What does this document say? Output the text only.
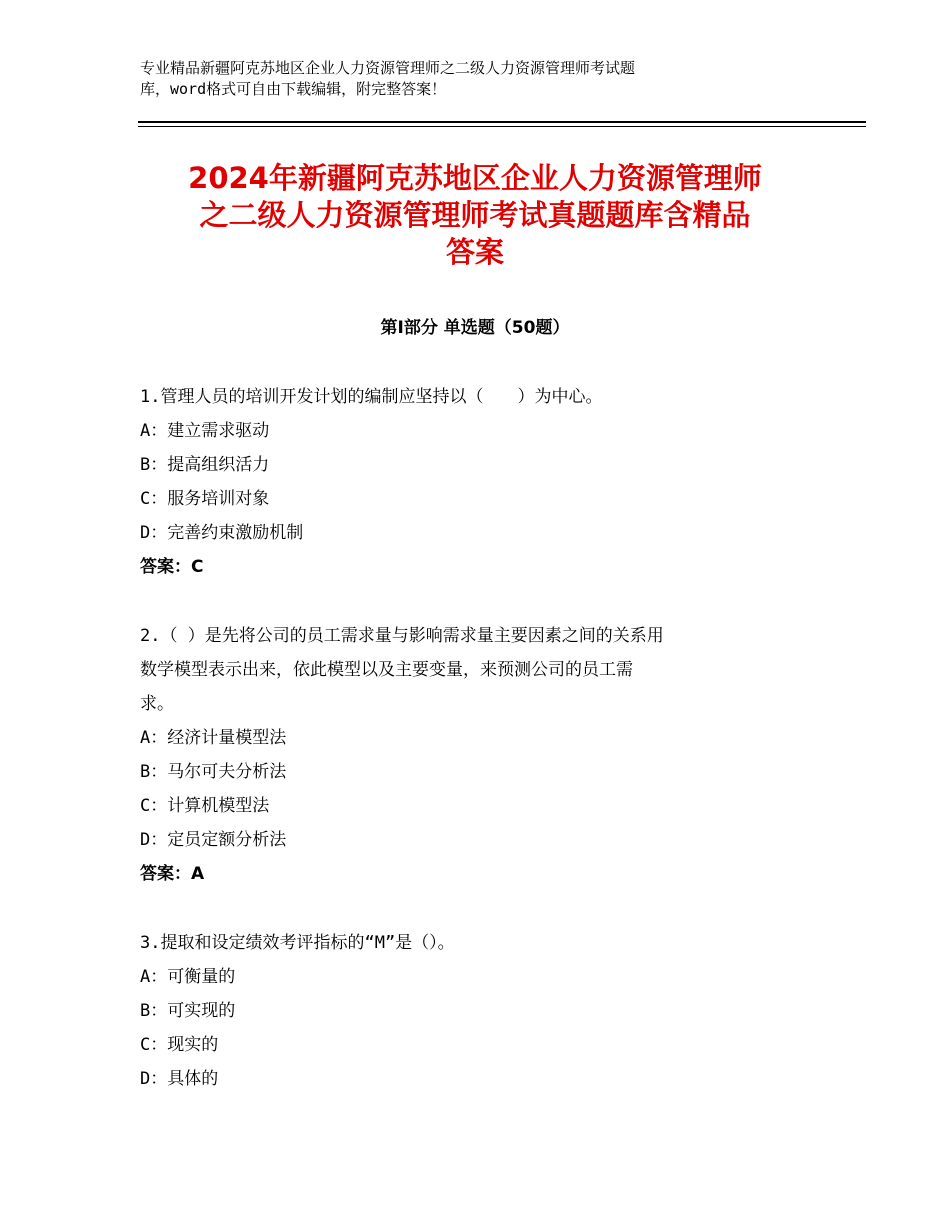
专业精品新疆阿克苏地区企业人力资源管理师之二级人力资源管理师考试题
库，word格式可自由下载编辑，附完整答案！
2024年新疆阿克苏地区企业人力资源管理师
之二级人力资源管理师考试真题题库含精品
答案
第Ⅰ部分 单选题（50题）
1.管理人员的培训开发计划的编制应坚持以（　　）为中心。
A：建立需求驱动
B：提高组织活力
C：服务培训对象
D：完善约束激励机制
答案：C
2.（ ）是先将公司的员工需求量与影响需求量主要因素之间的关系用
数学模型表示出来，依此模型以及主要变量，来预测公司的员工需
求。
A：经济计量模型法
B：马尔可夫分析法
C：计算机模型法
D：定员定额分析法
答案：A
3.提取和设定绩效考评指标的“M”是（）。
A：可衡量的
B：可实现的
C：现实的
D：具体的
